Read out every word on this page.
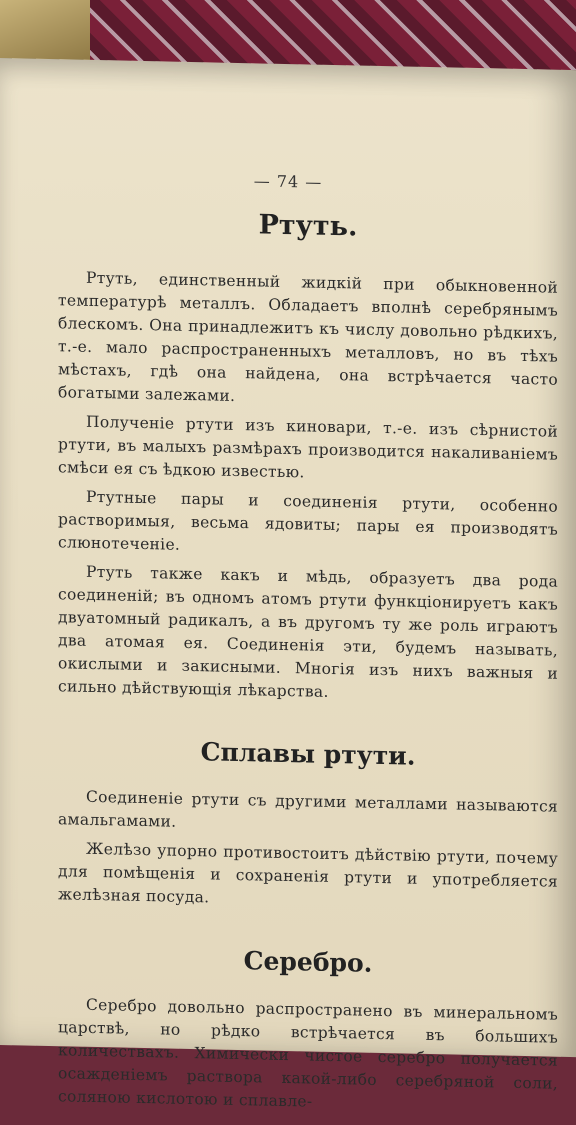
— 74 —
Ртуть.

Ртуть, единственный жидкій при обыкновенной температурѣ металлъ. Обладаетъ вполнѣ серебрянымъ блескомъ. Она принадлежитъ къ числу довольно рѣдкихъ, т.-е. мало распространенныхъ металловъ, но въ тѣхъ мѣстахъ, гдѣ она найдена, она встрѣчается часто богатыми залежами.

Полученіе ртути изъ киновари, т.-е. изъ сѣрнистой ртути, въ малыхъ размѣрахъ производится накаливаніемъ смѣси ея съ ѣдкою известью.

Ртутные пары и соединенія ртути, особенно растворимыя, весьма ядовиты; пары ея производятъ слюнотеченіе.

Ртуть также какъ и мѣдь, образуетъ два рода соединеній; въ одномъ атомъ ртути функціонируетъ какъ двуатомный радикалъ, а въ другомъ ту же роль играютъ два атомая ея. Соединенія эти, будемъ называть, окислыми и закисными. Многія изъ нихъ важныя и сильно дѣйствующія лѣкарства.

Сплавы ртути.

Соединеніе ртути съ другими металлами называются амальгамами.

Желѣзо упорно противостоитъ дѣйствію ртути, почему для помѣщенія и сохраненія ртути и употребляется желѣзная посуда.

Серебро.

Серебро довольно распространено въ минеральномъ царствѣ, но рѣдко встрѣчается въ большихъ количествахъ. Химически чистое серебро получается осажденіемъ раствора какой-либо серебряной соли, соляною кислотою и сплавле-
